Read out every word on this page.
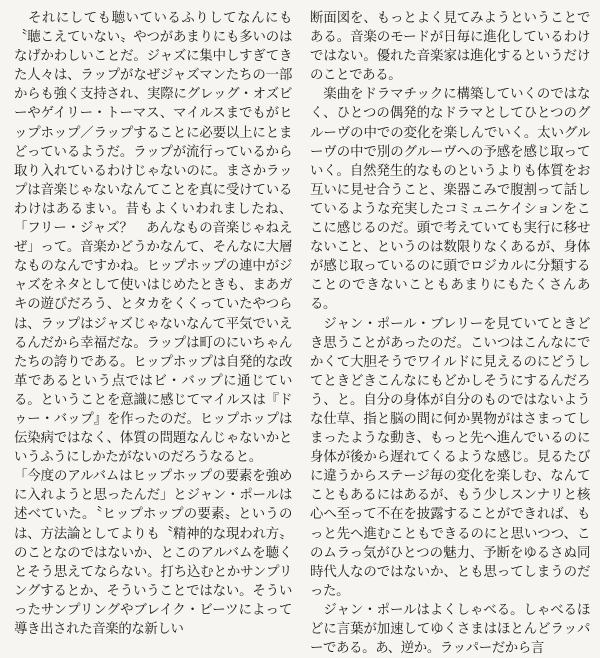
　それにしても聴いているふりしてなんにも〝聴こえていない〟やつがあまりにも多いのはなげかわしいことだ。ジャズに集中しすぎてきた人々は、ラップがなぜジャズマンたちの一部からも強く支持され、実際にグレッグ・オズビーやゲイリー・トーマス、マイルスまでもがヒップホップ／ラップすることに必要以上にとまどっているようだ。ラップが流行っているから取り入れているわけじゃないのに。まさかラップは音楽じゃないなんてことを真に受けているわけはあるまい。昔もよくいわれましたね、「フリー・ジャズ？　あんなもの音楽じゃねえぜ」って。音楽かどうかなんて、そんなに大層なものなんですかね。ヒップホップの連中がジャズをネタとして使いはじめたときも、まあガキの遊びだろう、とタカをくくっていたやつらは、ラップはジャズじゃないなんて平気でいえるんだから幸福だな。ラップは町のにいちゃんたちの誇りである。ヒップホップは自発的な改革であるという点ではビ・バップに通じている。ということを意識に感じてマイルスは『ドゥー・バップ』を作ったのだ。ヒップホップは伝染病ではなく、体質の問題なんじゃないかというふうにしかたがないのだろうなると。

「今度のアルバムはヒップホップの要素を強めに入れようと思ったんだ」とジャン・ポールは述べていた。〝ヒップホップの要素〟というのは、方法論としてよりも〝精神的な現われ方〟のことなのではないか、とこのアルバムを聴くとそう思えてならない。打ち込むとかサンプリングするとか、そういうことではない。そういったサンプリングやブレイク・ビーツによって導き出された音楽的な新しい

断面図を、もっとよく見てみようということである。音楽のモードが日毎に進化しているわけではない。優れた音楽家は進化するというだけのことである。

　楽曲をドラマチックに構築していくのではなく、ひとつの偶発的なドラマとしてひとつのグルーヴの中での変化を楽しんでいく。太いグルーヴの中で別のグルーヴへの予感を感じ取っていく。自然発生的なものというよりも体質をお互いに見せ合うこと、楽器こみで腹割って話しているような充実したコミュニケイションをここに感じるのだ。頭で考えていても実行に移せないこと、というのは数限りなくあるが、身体が感じ取っているのに頭でロジカルに分類することのできないこともあまりにもたくさんある。

　ジャン・ポール・ブレリーを見ていてときどき思うことがあったのだ。こいつはこんなにでかくて大胆そうでワイルドに見えるのにどうしてときどきこんなにもどかしそうにするんだろう、と。自分の身体が自分のものではないような仕草、指と脳の間に何か異物がはさまってしまったような動き、もっと先へ進んでいるのに身体が後から遅れてくるような感じ。見るたびに違うからステージ毎の変化を楽しむ、なんてこともあるにはあるが、もう少しスンナリと核心へ至って不在を披露することができれば、もっと先へ進むこともできるのにと思いつつ、このムラっ気がひとつの魅力、予断をゆるさぬ同時代人なのではないか、とも思ってしまうのだった。

　ジャン・ポールはよくしゃべる。しゃべるほどに言葉が加速してゆくさまはほとんどラッパーである。あ、逆か。ラッパーだから言
